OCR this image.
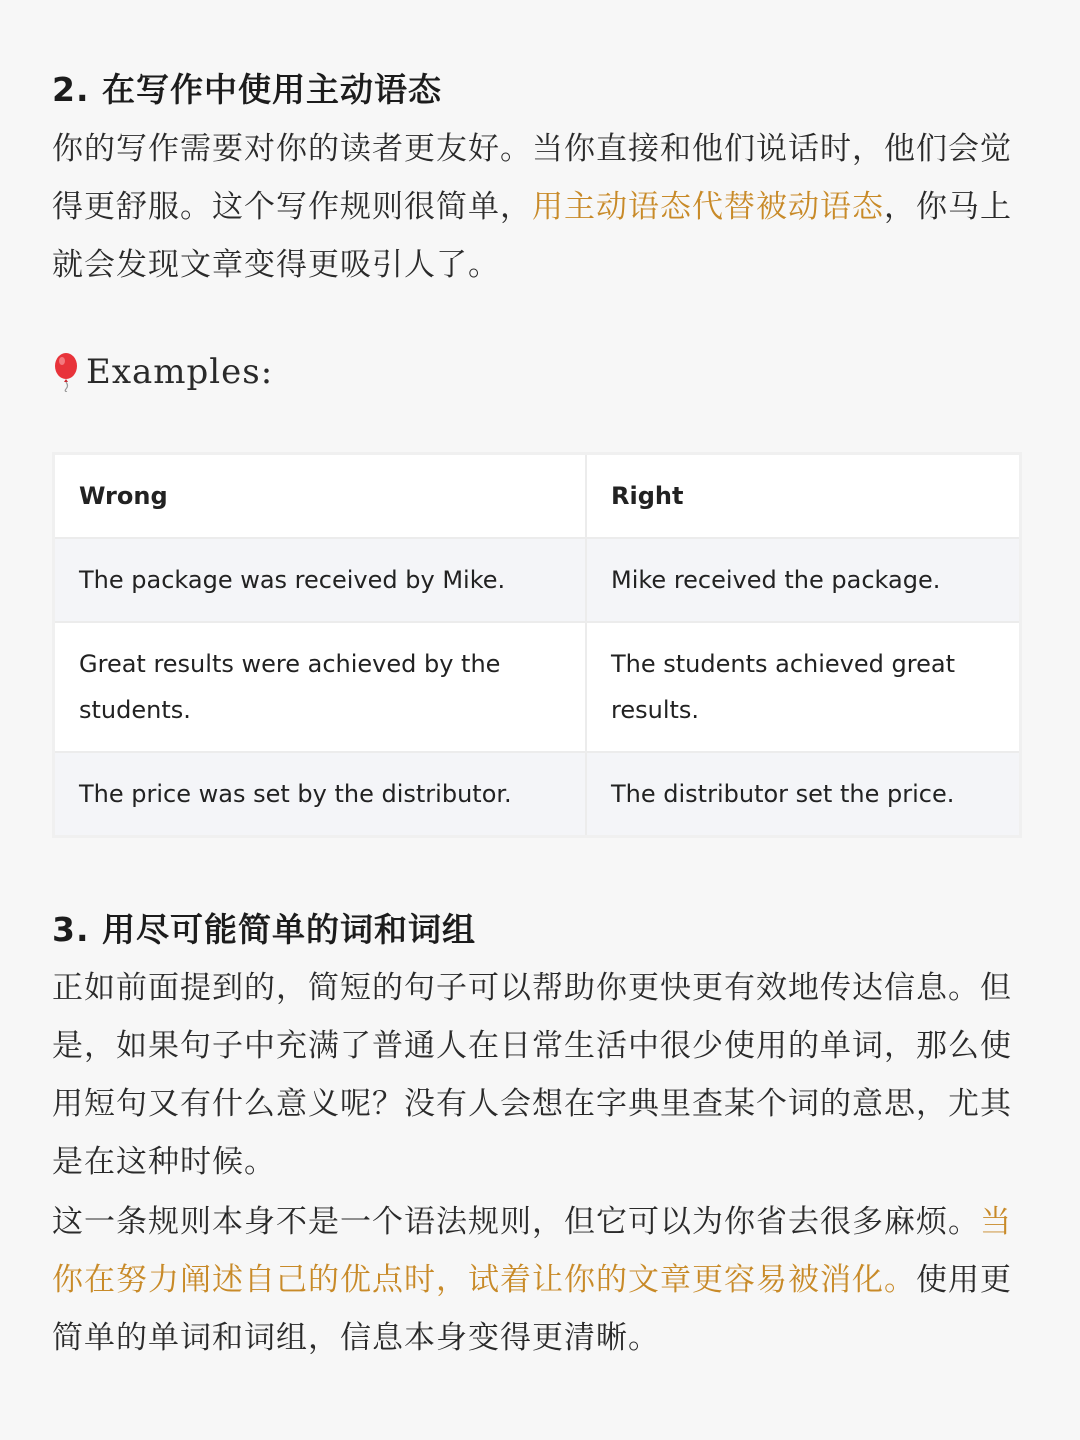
2. 在写作中使用主动语态

你的写作需要对你的读者更友好。当你直接和他们说话时，他们会觉得更舒服。这个写作规则很简单，用主动语态代替被动语态，你马上就会发现文章变得更吸引人了。

Examples:
Wrong	Right
The package was received by Mike.	Mike received the package.
Great results were achieved by the students.	The students achieved great results.
The price was set by the distributor.	The distributor set the price.
3. 用尽可能简单的词和词组

正如前面提到的，简短的句子可以帮助你更快更有效地传达信息。但是，如果句子中充满了普通人在日常生活中很少使用的单词，那么使用短句又有什么意义呢？没有人会想在字典里查某个词的意思，尤其是在这种时候。

这一条规则本身不是一个语法规则，但它可以为你省去很多麻烦。当你在努力阐述自己的优点时，试着让你的文章更容易被消化。使用更简单的单词和词组，信息本身变得更清晰。
